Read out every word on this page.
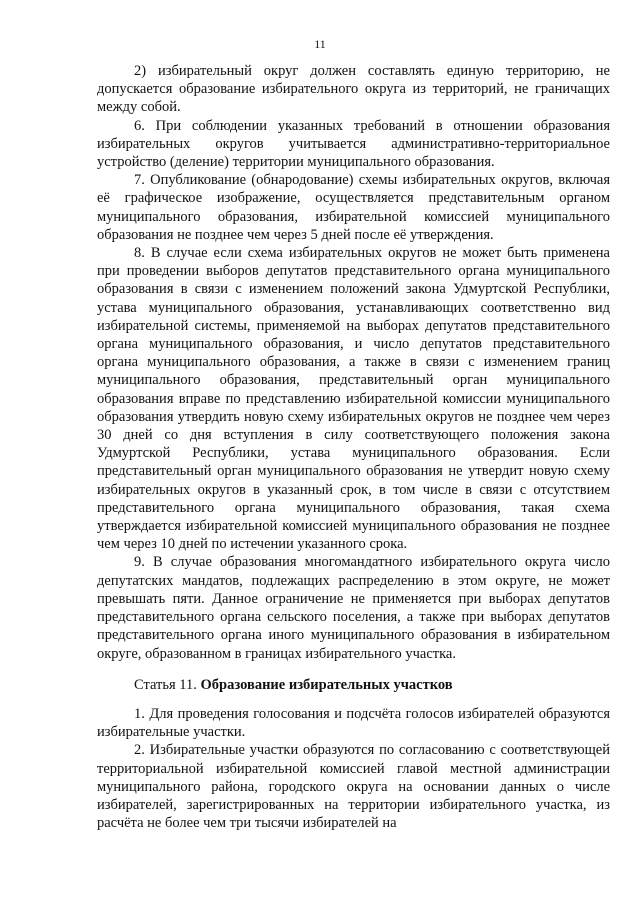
11

2) избирательный округ должен составлять единую территорию, не допускается образование избирательного округа из территорий, не граничащих между собой.

6. При соблюдении указанных требований в отношении образования избирательных округов учитывается административно-территориальное устройство (деление) территории муниципального образования.

7. Опубликование (обнародование) схемы избирательных округов, включая её графическое изображение, осуществляется представительным органом муниципального образования, избирательной комиссией муниципального образования не позднее чем через 5 дней после её утверждения.

8. В случае если схема избирательных округов не может быть применена при проведении выборов депутатов представительного органа муниципального образования в связи с изменением положений закона Удмуртской Республики, устава муниципального образования, устанавливающих соответственно вид избирательной системы, применяемой на выборах депутатов представительного органа муниципального образования, и число депутатов представительного органа муниципального образования, а также в связи с изменением границ муниципального образования, представительный орган муниципального образования вправе по представлению избирательной комиссии муниципального образования утвердить новую схему избирательных округов не позднее чем через 30 дней со дня вступления в силу соответствующего положения закона Удмуртской Республики, устава муниципального образования. Если представительный орган муниципального образования не утвердит новую схему избирательных округов в указанный срок, в том числе в связи с отсутствием представительного органа муниципального образования, такая схема утверждается избирательной комиссией муниципального образования не позднее чем через 10 дней по истечении указанного срока.

9. В случае образования многомандатного избирательного округа число депутатских мандатов, подлежащих распределению в этом округе, не может превышать пяти. Данное ограничение не применяется при выборах депутатов представительного органа сельского поселения, а также при выборах депутатов представительного органа иного муниципального образования в избирательном округе, образованном в границах избирательного участка.

Статья 11. Образование избирательных участков

1. Для проведения голосования и подсчёта голосов избирателей образуются избирательные участки.

2. Избирательные участки образуются по согласованию с соответствующей территориальной избирательной комиссией главой местной администрации муниципального района, городского округа на основании данных о числе избирателей, зарегистрированных на территории избирательного участка, из расчёта не более чем три тысячи избирателей на
